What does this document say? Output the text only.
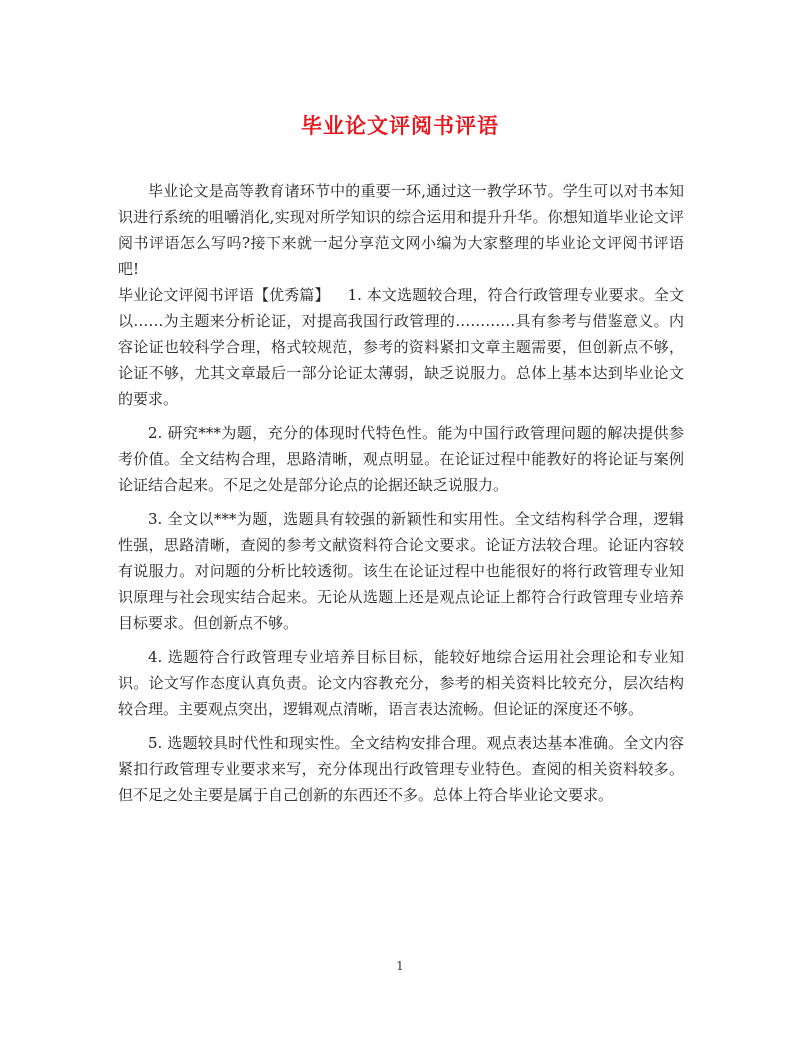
毕业论文评阅书评语

毕业论文是高等教育诸环节中的重要一环,通过这一教学环节。学生可以对书本知识进行系统的咀嚼消化,实现对所学知识的综合运用和提升升华。你想知道毕业论文评阅书评语怎么写吗?接下来就一起分享范文网小编为大家整理的毕业论文评阅书评语吧!

毕业论文评阅书评语【优秀篇】 1. 本文选题较合理，符合行政管理专业要求。全文以……为主题来分析论证，对提高我国行政管理的…………具有参考与借鉴意义。内容论证也较科学合理，格式较规范，参考的资料紧扣文章主题需要，但创新点不够，论证不够，尤其文章最后一部分论证太薄弱，缺乏说服力。总体上基本达到毕业论文的要求。

2. 研究***为题，充分的体现时代特色性。能为中国行政管理问题的解决提供参考价值。全文结构合理，思路清晰，观点明显。在论证过程中能教好的将论证与案例论证结合起来。不足之处是部分论点的论据还缺乏说服力。

3. 全文以***为题，选题具有较强的新颖性和实用性。全文结构科学合理，逻辑性强，思路清晰，查阅的参考文献资料符合论文要求。论证方法较合理。论证内容较有说服力。对问题的分析比较透彻。该生在论证过程中也能很好的将行政管理专业知识原理与社会现实结合起来。无论从选题上还是观点论证上都符合行政管理专业培养目标要求。但创新点不够。

4. 选题符合行政管理专业培养目标目标，能较好地综合运用社会理论和专业知识。论文写作态度认真负责。论文内容教充分，参考的相关资料比较充分，层次结构较合理。主要观点突出，逻辑观点清晰，语言表达流畅。但论证的深度还不够。

5. 选题较具时代性和现实性。全文结构安排合理。观点表达基本准确。全文内容紧扣行政管理专业要求来写，充分体现出行政管理专业特色。查阅的相关资料较多。但不足之处主要是属于自己创新的东西还不多。总体上符合毕业论文要求。

1
